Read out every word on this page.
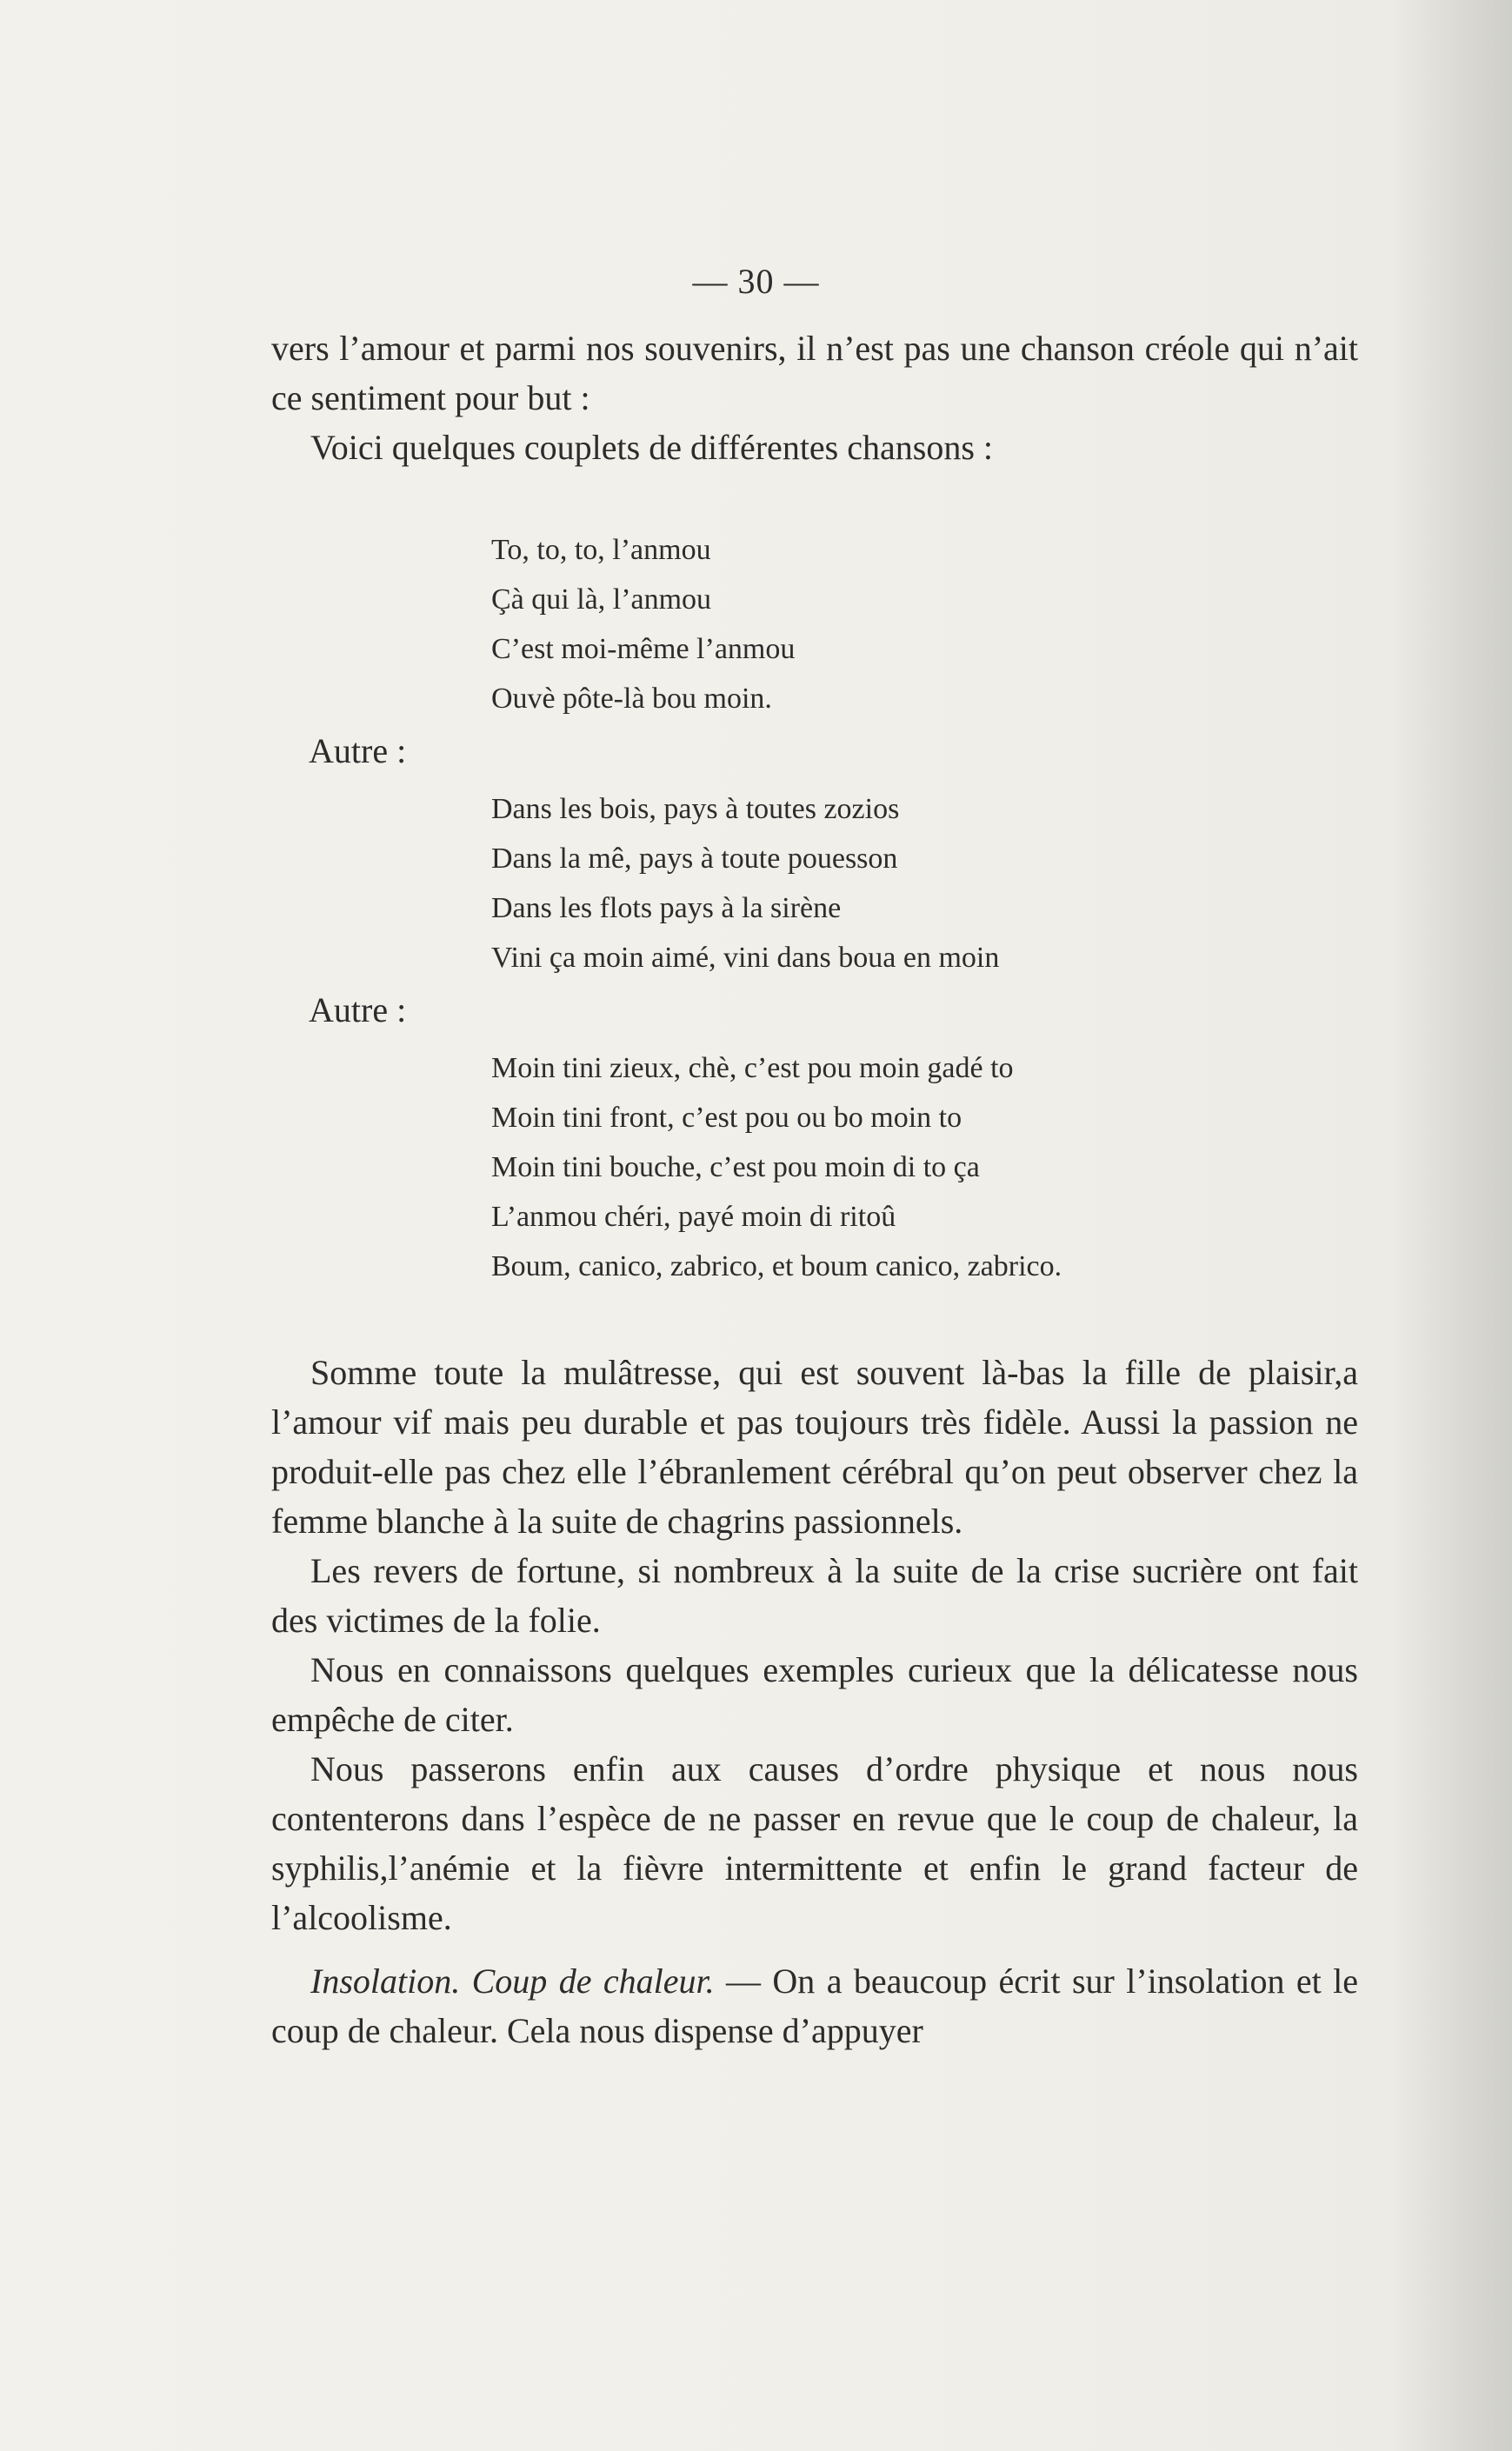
— 30 —

vers l’amour et parmi nos souvenirs, il n’est pas une chanson créole qui n’ait ce sentiment pour but :

Voici quelques couplets de différentes chansons :

To, to, to, l’anmou
Çà qui là, l’anmou
C’est moi-même l’anmou
Ouvè pôte-là bou moin.
Autre :
Dans les bois, pays à toutes zozios
Dans la mê, pays à toute pouesson
Dans les flots pays à la sirène
Vini ça moin aimé, vini dans boua en moin
Autre :
Moin tini zieux, chè, c’est pou moin gadé to
Moin tini front, c’est pou ou bo moin to
Moin tini bouche, c’est pou moin di to ça
L’anmou chéri, payé moin di ritoû
Boum, canico, zabrico, et boum canico, zabrico.

Somme toute la mulâtresse, qui est souvent là-bas la fille de plaisir,a l’amour vif mais peu durable et pas toujours très fidèle. Aussi la passion ne produit-elle pas chez elle l’ébranlement cérébral qu’on peut observer chez la femme blanche à la suite de chagrins passionnels.

Les revers de fortune, si nombreux à la suite de la crise sucrière ont fait des victimes de la folie.

Nous en connaissons quelques exemples curieux que la délicatesse nous empêche de citer.

Nous passerons enfin aux causes d’ordre physique et nous nous contenterons dans l’espèce de ne passer en revue que le coup de chaleur, la syphilis,l’anémie et la fièvre intermittente et enfin le grand facteur de l’alcoolisme.

Insolation. Coup de chaleur. — On a beaucoup écrit sur l’insolation et le coup de chaleur. Cela nous dispense d’appuyer
